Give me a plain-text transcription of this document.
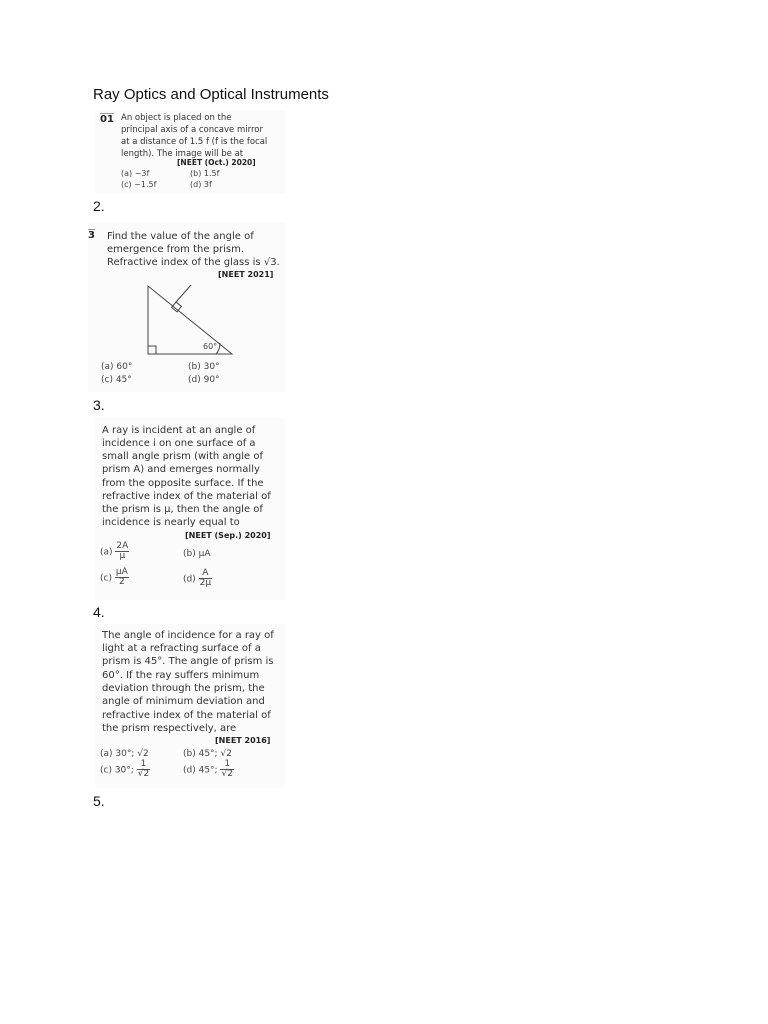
Ray Optics and Optical Instruments
01 An object is placed on the
principal axis of a concave mirror
at a distance of 1.5 f (f is the focal
length). The image will be at
[NEET (Oct.) 2020]
(a) −3f	(b) 1.5f
(c) −1.5f	(d) 3f
2.
3 Find the value of the angle of
emergence from the prism.
Refractive index of the glass is √3.
[NEET 2021]
60°
(a) 60°	(b) 30°
(c) 45°	(d) 90°
3.
A ray is incident at an angle of
incidence i on one surface of a
small angle prism (with angle of
prism A) and emerges normally
from the opposite surface. If the
refractive index of the material of
the prism is μ, then the angle of
incidence is nearly equal to
[NEET (Sep.) 2020]
$(a) \frac{2A}{\mu}$	(b) μA
$(c) \frac{\mu A}{2}$	$(d) \frac{A}{2\mu}$
4.
The angle of incidence for a ray of
light at a refracting surface of a
prism is 45°. The angle of prism is
60°. If the ray suffers minimum
deviation through the prism, the
angle of minimum deviation and
refractive index of the material of
the prism respectively, are
[NEET 2016]
(a) 30°; √2	(b) 45°; √2
(c) 30°; $\frac{1}{√2}$	(d) 45°; $\frac{1}{√2}$
5.
